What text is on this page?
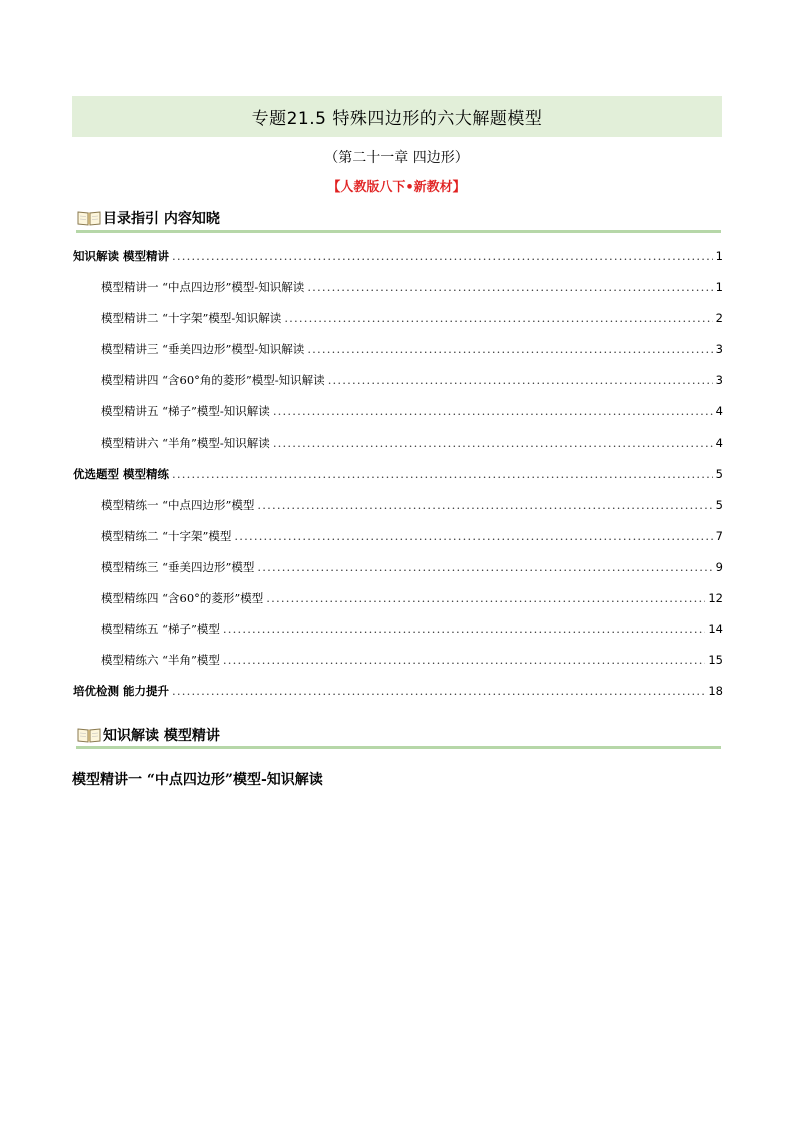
专题21.5 特殊四边形的六大解题模型
（第二十一章 四边形）
【人教版八下•新教材】
目录指引 内容知晓
知识解读 模型精讲 .....	1
模型精讲一 “中点四边形”模型-知识解读 .....	1
模型精讲二 “十字架”模型-知识解读 .....	2
模型精讲三 “垂美四边形”模型-知识解读 .....	3
模型精讲四 “含60°角的菱形”模型-知识解读 .....	3
模型精讲五 “梯子”模型-知识解读 .....	4
模型精讲六 “半角”模型-知识解读 .....	4
优选题型 模型精练 .....	5
模型精练一 “中点四边形”模型 .....	5
模型精练二 “十字架”模型 .....	7
模型精练三 “垂美四边形”模型 .....	9
模型精练四 “含60°的菱形”模型 .....	12
模型精练五 “梯子”模型 .....	14
模型精练六 “半角”模型 .....	15
培优检测 能力提升 .....	18
知识解读 模型精讲
模型精讲一 “中点四边形”模型-知识解读
